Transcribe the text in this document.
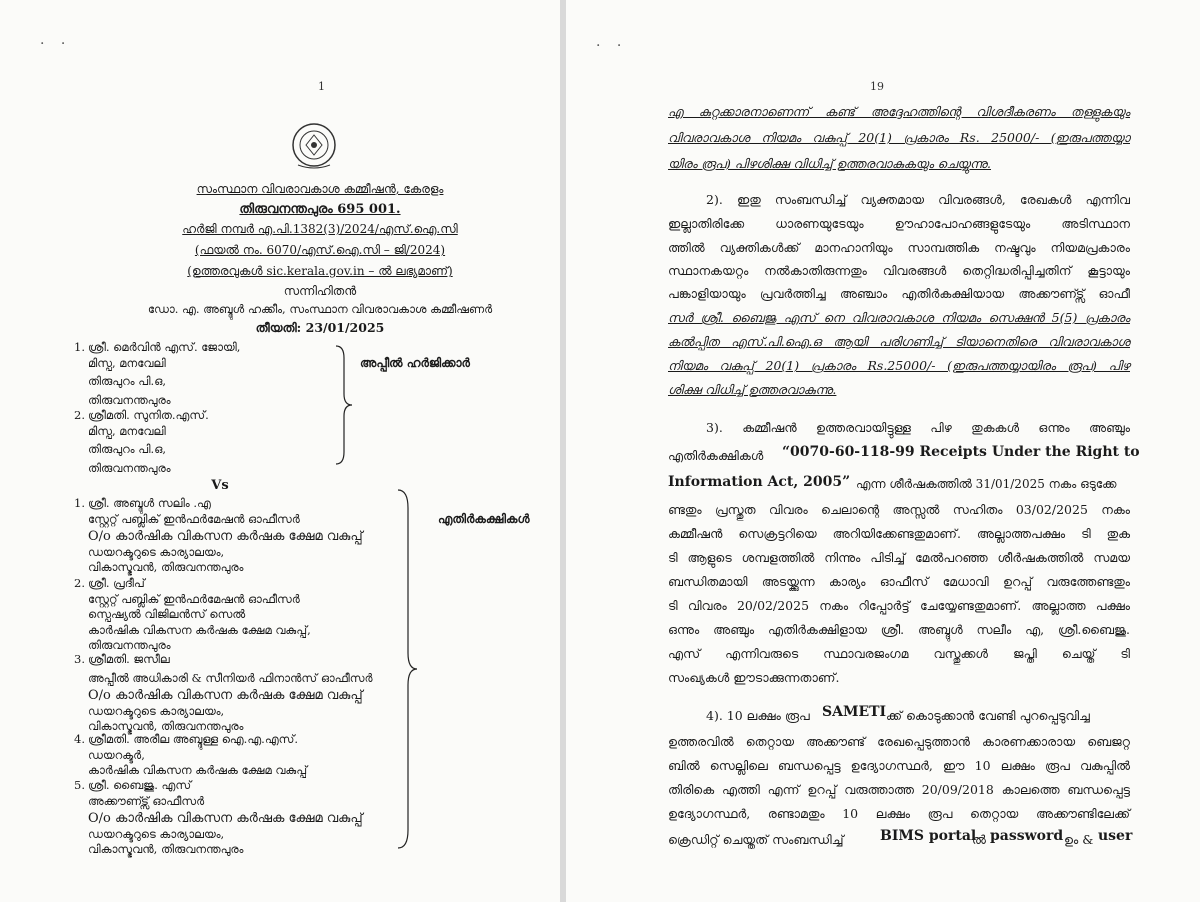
· ·
1
സംസ്ഥാന വിവരാവകാശ കമ്മീഷൻ, കേരളം
തിരുവനന്തപുരം 695 001.
ഹർജി നമ്പർ എ.പി.1382(3)/2024/എസ്.ഐ.സി
(ഫയൽ നം. 6070/എസ്.ഐ.സി – ജി/2024)
(ഉത്തരവുകൾ sic.kerala.gov.in – ൽ ലഭ്യമാണ്)
സന്നിഹിതൻ
ഡോ. എ. അബ്ദുൾ ഹക്കീം, സംസ്ഥാന വിവരാവകാശ കമ്മീഷണർ
തീയതി: 23/01/2025
1. ശ്രീ. മെർവിൻ എസ്. ജോയി,
മിസ്പ, മനവേലി
തിരുപുറം പി.ഒ,
തിരുവനന്തപുരം
2. ശ്രീമതി. സുനിത.എസ്.
മിസ്പ, മനവേലി
തിരുപുറം പി.ഒ,
തിരുവനന്തപുരം
അപ്പീൽ ഹർജിക്കാർ
Vs
1. ശ്രീ. അബ്ദുൾ സലിം .എ
സ്റ്റേറ്റ് പബ്ലിക് ഇൻഫർമേഷൻ ഓഫീസർ
O/o കാർഷിക വികസന കർഷക ക്ഷേമ വകുപ്പ്
ഡയറക്ടറുടെ കാര്യാലയം,
വികാസ്ഭവൻ, തിരുവനന്തപുരം
2. ശ്രീ. പ്രദീപ്
സ്റ്റേറ്റ് പബ്ലിക് ഇൻഫർമേഷൻ ഓഫീസർ
സ്പെഷ്യൽ വിജിലൻസ് സെൽ
കാർഷിക വികസന കർഷക ക്ഷേമ വകുപ്പ്,
തിരുവനന്തപുരം
3. ശ്രീമതി. ജസീല
അപ്പീൽ അധികാരി & സീനിയർ ഫിനാൻസ് ഓഫീസർ
O/o കാർഷിക വികസന കർഷക ക്ഷേമ വകുപ്പ്
ഡയറക്ടറുടെ കാര്യാലയം,
വികാസ്ഭവൻ, തിരുവനന്തപുരം
4. ശ്രീമതി. അരീല അബ്ദുള്ള ഐ.എ.എസ്.
ഡയറക്ടർ,
കാർഷിക വികസന കർഷക ക്ഷേമ വകുപ്പ്
5. ശ്രീ. ബൈജു. എസ്
അക്കൗണ്ട്സ് ഓഫീസർ
O/o കാർഷിക വികസന കർഷക ക്ഷേമ വകുപ്പ്
ഡയറക്ടറുടെ കാര്യാലയം,
വികാസ്ഭവൻ, തിരുവനന്തപുരം
എതിർകക്ഷികൾ
· ·
19
എ കുറ്റക്കാരനാണെന്ന് കണ്ട് അദ്ദേഹത്തിന്റെ വിശദീകരണം തള്ളുകയും
വിവരാവകാശ നിയമം വകുപ്പ് 20(1) പ്രകാരം Rs. 25000/- (ഇരുപത്തയ്യാ
യിരം രൂപ) പിഴശിക്ഷ വിധിച്ച് ഉത്തരവാകുകയും ചെയ്യുന്നു.
2). ഇതു സംബന്ധിച്ച് വ്യക്തമായ വിവരങ്ങൾ, രേഖകൾ എന്നിവ
ഇല്ലാതിരിക്കേ ധാരണയുടേയും ഊഹാപോഹങ്ങളുടേയും അടിസ്ഥാന
ത്തിൽ വ്യക്തികൾക്ക് മാനഹാനിയും സാമ്പത്തിക നഷ്ടവും നിയമപ്രകാരം
സ്ഥാനകയറ്റം നൽകാതിരുന്നതും വിവരങ്ങൾ തെറ്റിദ്ധരിപ്പിച്ചതിന് കൂട്ടായും
പങ്കാളിയായും പ്രവർത്തിച്ച അഞ്ചാം എതിർകക്ഷിയായ അക്കൗണ്ട്സ് ഓഫീ
സർ ശ്രീ. ബൈജു എസ് നെ വിവരാവകാശ നിയമം സെക്ഷൻ 5(5) പ്രകാരം
കൽപ്പിത എസ്.പി.ഐ.ഒ ആയി പരിഗണിച്ച് ടിയാനെതിരെ വിവരാവകാശ
നിയമം വകുപ്പ് 20(1) പ്രകാരം Rs.25000/- (ഇരുപത്തയ്യായിരം രൂപ) പിഴ
ശിക്ഷ വിധിച്ച് ഉത്തരവാകുന്നു.
3). കമ്മീഷൻ ഉത്തരവായിട്ടുള്ള പിഴ തുകകൾ ഒന്നും അഞ്ചും
എതിർകക്ഷികൾ “0070-60-118-99 Receipts Under the Right to
Information Act, 2005” എന്ന ശീർഷകത്തിൽ 31/01/2025 നകം ഒടുക്കേ
ണ്ടതും പ്രസ്തുത വിവരം ചെലാന്റെ അസ്സൽ സഹിതം 03/02/2025 നകം
കമ്മീഷൻ സെക്രട്ടറിയെ അറിയിക്കേണ്ടതുമാണ്. അല്ലാത്തപക്ഷം ടി തുക
ടി ആളുടെ ശമ്പളത്തിൽ നിന്നും പിടിച്ച് മേൽപറഞ്ഞ ശീർഷകത്തിൽ സമയ
ബന്ധിതമായി അടയ്ക്കുന്ന കാര്യം ഓഫീസ് മേധാവി ഉറപ്പ് വരുത്തേണ്ടതും
ടി വിവരം 20/02/2025 നകം റിപ്പോർട്ട് ചേയ്യേണ്ടതുമാണ്. അല്ലാത്ത പക്ഷം
ഒന്നും അഞ്ചും എതിർകക്ഷിളായ ശ്രീ. അബ്ദുൾ സലീം എ, ശ്രീ.ബൈജു.
എസ് എന്നിവരുടെ സ്ഥാവരജംഗമ വസ്തുക്കൾ ജപ്തി ചെയ്ത് ടി
സംഖ്യകൾ ഈടാക്കുന്നതാണ്.
4). 10 ലക്ഷം രൂപ SAMETI ക്ക് കൊടുക്കാൻ വേണ്ടി പുറപ്പെടുവിച്ച
ഉത്തരവിൽ തെറ്റായ അക്കൗണ്ട് രേഖപ്പെടുത്താൻ കാരണക്കാരായ ബെജറ്റ
ബിൽ സെല്ലിലെ ബന്ധപ്പെട്ട ഉദ്യോഗസ്ഥർ, ഈ 10 ലക്ഷം രൂപ വകുപ്പിൽ
തിരികെ എത്തി എന്ന് ഉറപ്പ് വരുത്താത്ത 20/09/2018 കാലത്തെ ബന്ധപ്പെട്ട
ഉദ്യോഗസ്ഥർ, രണ്ടാമതും 10 ലക്ഷം രൂപ തെറ്റായ അക്കൗണ്ടിലേക്ക്
ക്രെഡിറ്റ് ചെയ്തത് സംബന്ധിച്ച്	BIMS portal
ൽ password ഉം & user
